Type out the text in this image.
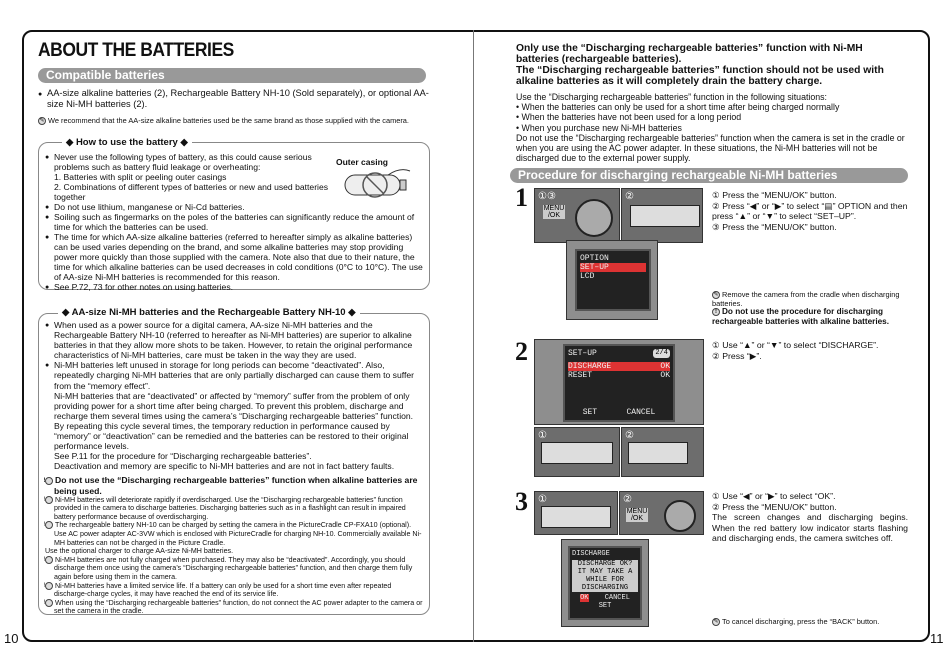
10	11
ABOUT THE BATTERIES
Compatible batteries
● AA-size alkaline batteries (2), Rechargeable Battery NH-10 (Sold separately), or optional AA-size Ni-MH batteries (2).
✎ We recommend that the AA-size alkaline batteries used be the same brand as those supplied with the camera.
◆ How to use the battery ◆
● Never use the following types of battery, as this could cause serious problems such as battery fluid leakage or overheating:
1. Batteries with split or peeling outer casings
2. Combinations of different types of batteries or new and used batteries together
● Do not use lithium, manganese or Ni-Cd batteries.
● Soiling such as fingermarks on the poles of the batteries can significantly reduce the amount of time for which the batteries can be used.
● The time for which AA-size alkaline batteries (referred to hereafter simply as alkaline batteries) can be used varies depending on the brand, and some alkaline batteries may stop providing power more quickly than those supplied with the camera. Note also that due to their nature, the time for which alkaline batteries can be used decreases in cold conditions (0°C to 10°C). The use of AA-size Ni-MH batteries is recommended for this reason.
● See P.72, 73 for other notes on using batteries.
Outer casing
◆ AA-size Ni-MH batteries and the Rechargeable Battery NH-10 ◆
● When used as a power source for a digital camera, AA-size Ni-MH batteries and the Rechargeable Battery NH-10 (referred to hereafter as Ni-MH batteries) are superior to alkaline batteries in that they allow more shots to be taken. However, to retain the original performance characteristics of Ni-MH batteries, care must be taken in the way they are used.
● Ni-MH batteries left unused in storage for long periods can become “deactivated”. Also, repeatedly charging Ni-MH batteries that are only partially discharged can cause them to suffer from the “memory effect”.
Ni-MH batteries that are “deactivated” or affected by “memory” suffer from the problem of only providing power for a short time after being charged. To prevent this problem, discharge and recharge them several times using the camera’s “Discharging rechargeable batteries” function. By repeating this cycle several times, the temporary reduction in performance caused by “memory” or “deactivation” can be remedied and the batteries can be restored to their original performance levels.
See P.11 for the procedure for “Discharging rechargeable batteries”.
Deactivation and memory are specific to Ni-MH batteries and are not in fact battery faults.
! Do not use the “Discharging rechargeable batteries” function when alkaline batteries are being used.
! Ni-MH batteries will deteriorate rapidly if overdischarged. Use the “Discharging rechargeable batteries” function provided in the camera to discharge batteries. Discharging batteries such as in a flashlight can result in impaired battery performance because of overdischarging.
! The rechargeable battery NH-10 can be charged by setting the camera in the PictureCradle CP-FXA10 (optional). Use AC power adapter AC-3VW which is enclosed with PictureCradle for charging NH-10. Commercially available Ni-MH batteries can not be charged in the Picture Cradle.
Use the optional charger to charge AA-size Ni-MH batteries.
! Ni-MH batteries are not fully charged when purchased. They may also be “deactivated”. Accordingly, you should discharge them once using the camera’s “Discharging rechargeable batteries” function, and then charge them fully again before using them in the camera.
! Ni-MH batteries have a limited service life. If a battery can only be used for a short time even after repeated discharge-charge cycles, it may have reached the end of its service life.
! When using the “Discharging rechargeable batteries” function, do not connect the AC power adapter to the camera or set the camera in the cradle.
Only use the “Discharging rechargeable batteries” function with Ni-MH batteries (rechargeable batteries).
The “Discharging rechargeable batteries” function should not be used with alkaline batteries as it will completely drain the battery charge.
Use the “Discharging rechargeable batteries” function in the following situations:
• When the batteries can only be used for a short time after being charged normally
• When the batteries have not been used for a long period
• When you purchase new Ni-MH batteries
Do not use the “Discharging rechargeable batteries” function when the camera is set in the cradle or when you are using the AC power adapter. In these situations, the Ni-MH batteries will not be discharged due to the external power supply.
Procedure for discharging rechargeable Ni-MH batteries
1 ①③
MENU /OK
②
OPTION
SET–UP
LCD
① Press the “MENU/OK” button.
② Press “◀” or “▶” to select “▤” OPTION and then press “▲” or “▼” to select “SET–UP”.
③ Press the “MENU/OK” button.
✎ Remove the camera from the cradle when discharging batteries.
! Do not use the procedure for discharging rechargeable batteries with alkaline batteries.
2	SET–UP	2/4
DISCHARGE	OK
RESET	OK
SET	CANCEL
①	②
① Use “▲” or “▼” to select “DISCHARGE”.
② Press “▶”.
3 ①	②
MENU /OK
DISCHARGE
DISCHARGE OK? IT MAY TAKE A WHILE FOR DISCHARGING
OK CANCEL
SET
① Use “◀” or “▶” to select “OK”.
② Press the “MENU/OK” button.
The screen changes and discharging begins. When the red battery low indicator starts flashing and discharging ends, the camera switches off.
✎ To cancel discharging, press the “BACK” button.
